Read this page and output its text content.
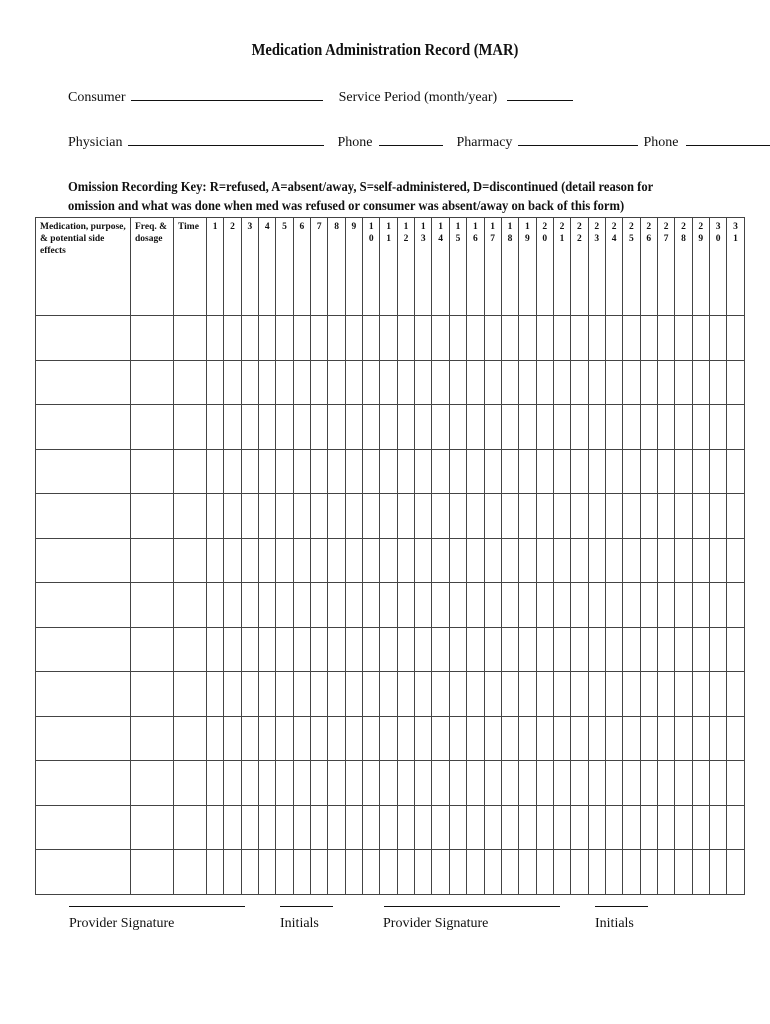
Medication Administration Record (MAR)
Consumer	Service Period (month/year)
Physician	Phone	Pharmacy	Phone
Omission Recording Key: R=refused, A=absent/away, S=self-administered, D=discontinued (detail reason for omission and what was done when med was refused or consumer was absent/away on back of this form)
Medication, purpose, & potential side effects	Freq. & dosage	Time	1	2	3	4	5	6	7	8	9	10	11	12	13	14	15	16	17	18	19	20	21	22	23	24	25	26	27	28	29	30	31

Provider Signature	Initials	Provider Signature	Initials
